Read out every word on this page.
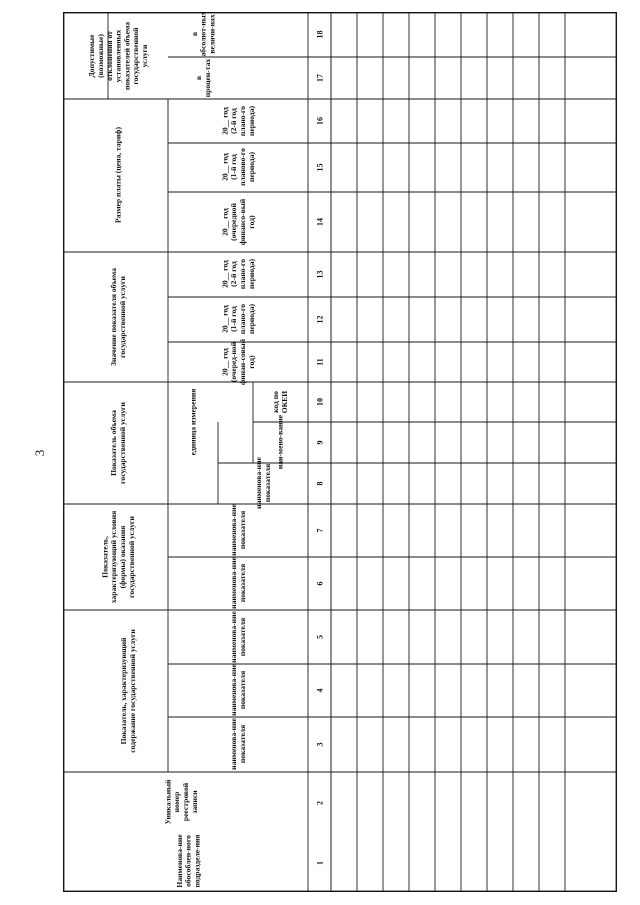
3
Наименова-ниеобособлен-ногоподразделе-ния
Уникальныйномерреестровойзаписи
Показатель, характеризующийсодержание государственной услуги
Показатель,характеризующий условия(формы) оказаниягосударственной услуги
Показатель объемагосударственной услуги
Значение показателя объемагосударственной услуги
Размер платы (цена, тариф)
Допустимые(возможные)отклонения отустановленныхпоказателей объемагосударственнойуслуги
наименова-ниепоказателя
наименова-ниепоказателя
наименова-ниепоказателя
наименова-ниепоказателя
наименова-ниепоказателя
наименова-ниепоказателя
единица измерения	наи-мено-вание
код поОКЕИ
20__ год(очеред-нойфинан-совыйгод)
20__ год(1-й годплано-гопериода)
20__ год(2-й годплано-гопериода)
20__ год(очереднойфинансо-выйгод)
20__ год(1-й годпланово-гопериода)
20__ год(2-й годплано-гопериода)
впроцен-тах
вабсолют-ныхвеличи-нах
1
2
3
4
5
6
7
8
9
10
11
12
13
14
15
16
17
18
